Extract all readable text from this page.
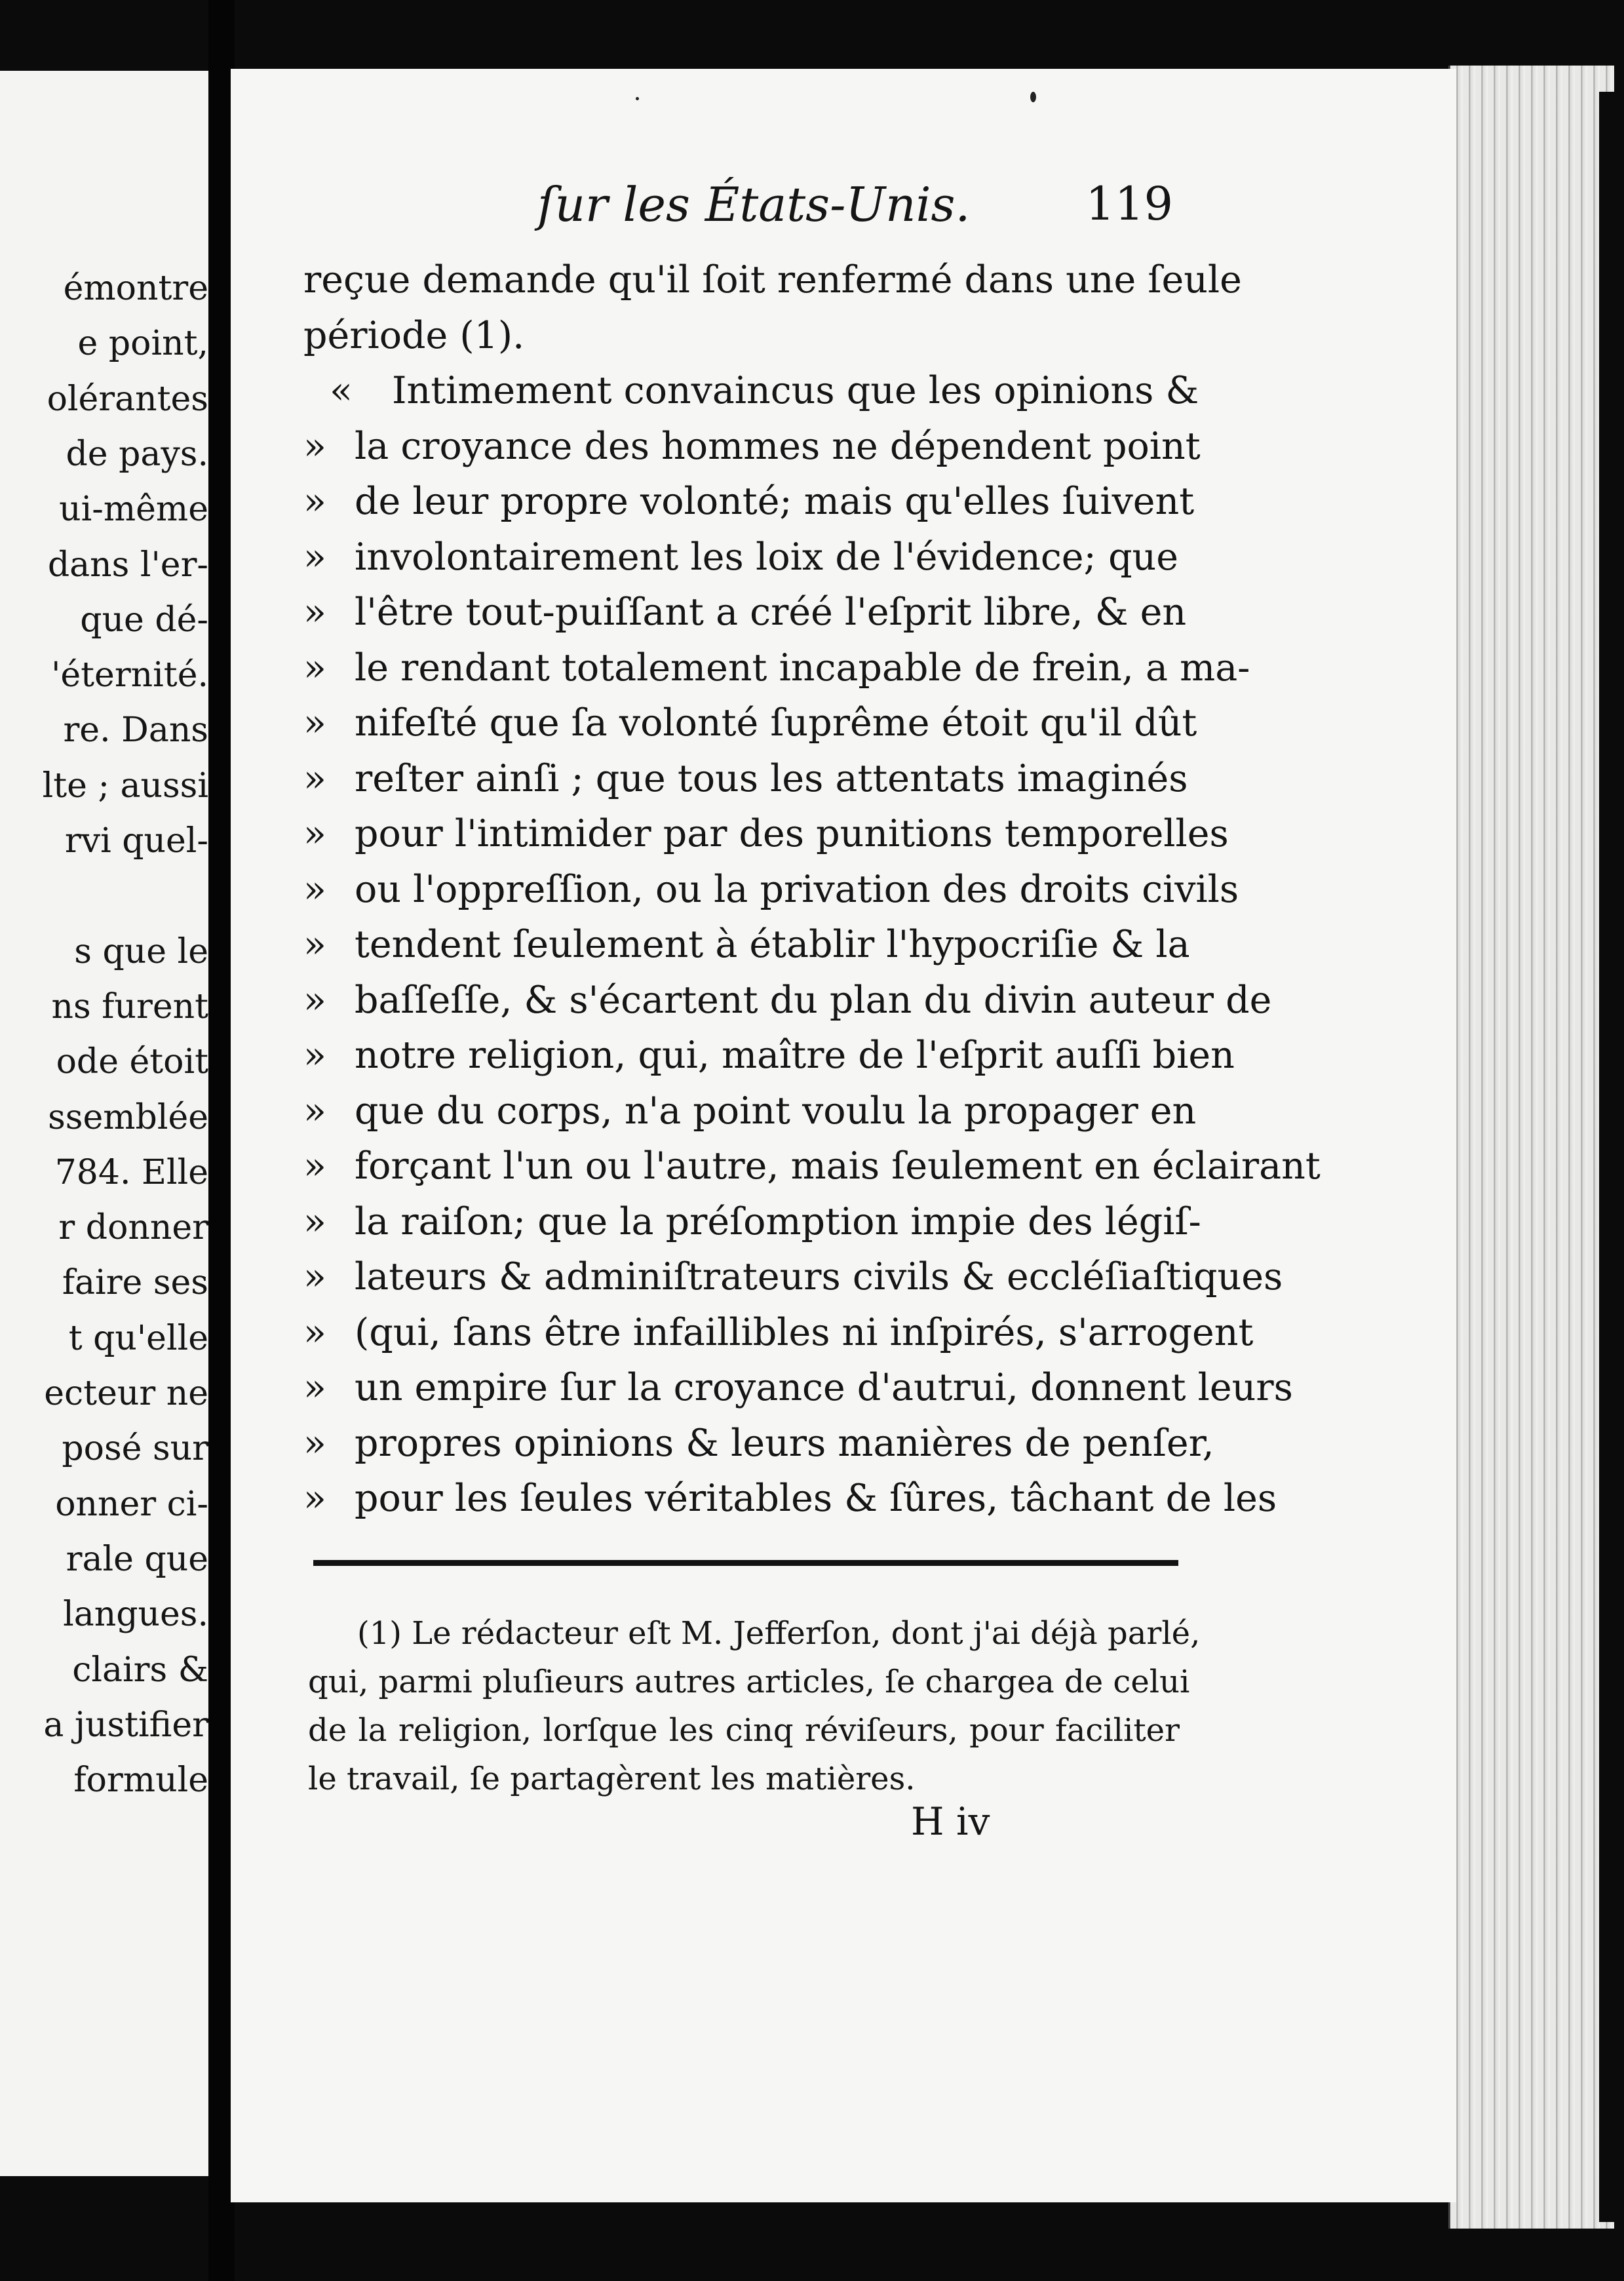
émontre
e point,
olérantes
de pays.
ui-même
dans l'er-
que dé-
'éternité.
re. Dans
lte ; aussi
rvi quel-
s que le
ns furent
ode étoit
ssemblée
784. Elle
r donner
faire ses
t qu'elle
ecteur ne
posé sur
onner ci-
rale que
langues.
clairs &
a justifier
formule
ſur les États-Unis.	119
reçue demande qu'il ſoit renfermé dans une ſeule
période (1).
«	Intimement convaincus que les opinions &
» la croyance des hommes ne dépendent point
» de leur propre volonté; mais qu'elles ſuivent
» involontairement les loix de l'évidence; que
» l'être tout-puiſſant a créé l'eſprit libre, & en
» le rendant totalement incapable de frein, a ma-
» nifeſté que ſa volonté ſuprême étoit qu'il dût
» reſter ainſi ; que tous les attentats imaginés
» pour l'intimider par des punitions temporelles
» ou l'oppreſſion, ou la privation des droits civils
» tendent ſeulement à établir l'hypocriſie & la
» baſſeſſe, & s'écartent du plan du divin auteur de
» notre religion, qui, maître de l'eſprit auſſi bien
» que du corps, n'a point voulu la propager en
» forçant l'un ou l'autre, mais ſeulement en éclairant
» la raiſon; que la préſomption impie des légiſ-
» lateurs & adminiſtrateurs civils & eccléſiaſtiques
» (qui, ſans être infaillibles ni inſpirés, s'arrogent
» un empire ſur la croyance d'autrui, donnent leurs
» propres opinions & leurs manières de penſer,
» pour les ſeules véritables & ſûres, tâchant de les
(1) Le rédacteur eſt M. Jefferſon, dont j'ai déjà parlé,
qui, parmi pluſieurs autres articles, ſe chargea de celui
de la religion, lorſque les cinq réviſeurs, pour faciliter
le travail, ſe partagèrent les matières.
H iv
